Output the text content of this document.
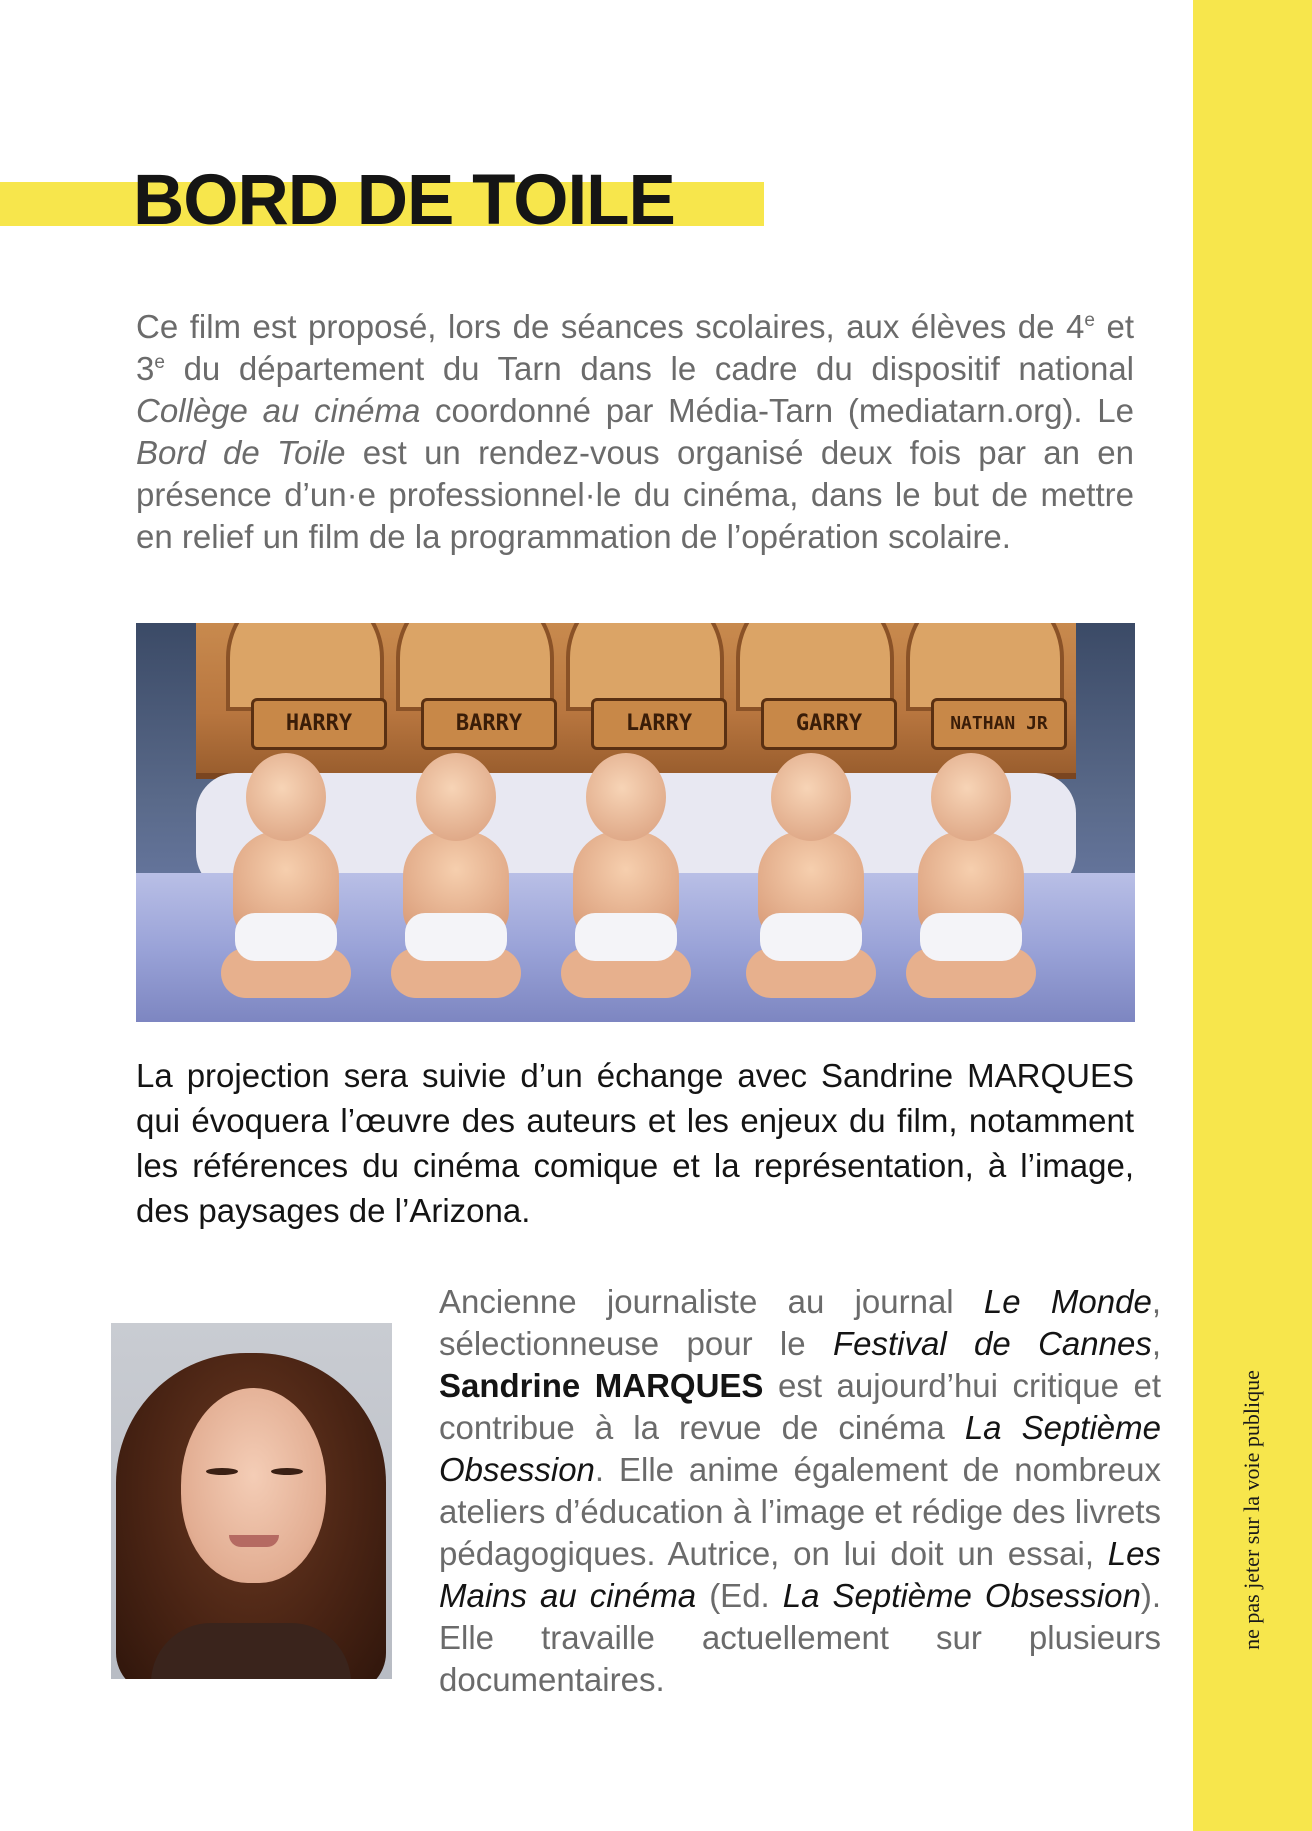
ne pas jeter sur la voie publique
BORD DE TOILE

Ce film est proposé, lors de séances scolaires, aux élèves de 4e et 3e du département du Tarn dans le cadre du dispositif national Collège au cinéma coordonné par Média-Tarn (mediatarn.org). Le Bord de Toile est un rendez-vous organisé deux fois par an en présence d’un·e professionnel·le du cinéma, dans le but de mettre en relief un film de la programmation de l’opération scolaire.

HARRY	BARRY	LARRY	GARRY	NATHAN JR

La projection sera suivie d’un échange avec Sandrine MARQUES qui évoquera l’œuvre des auteurs et les enjeux du film, notamment les références du cinéma comique et la représentation, à l’image, des paysages de l’Arizona.

Ancienne journaliste au journal Le Monde, sélectionneuse pour le Festival de Cannes, Sandrine MARQUES est aujourd’hui critique et contribue à la revue de cinéma La Septième Obsession. Elle anime également de nombreux ateliers d’éducation à l’image et rédige des livrets pédagogiques. Autrice, on lui doit un essai, Les Mains au cinéma (Ed. La Septième Obsession). Elle travaille actuellement sur plusieurs documentaires.
